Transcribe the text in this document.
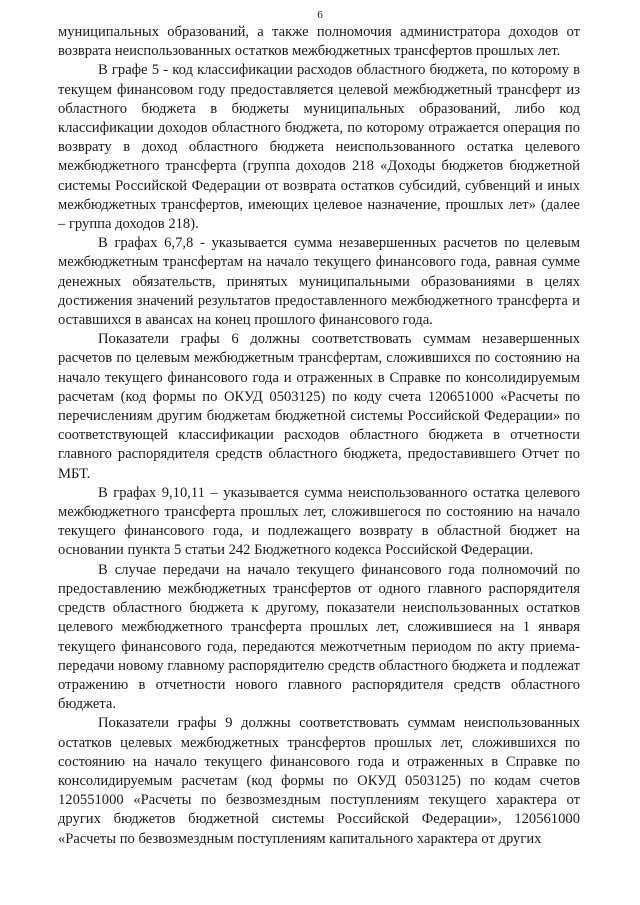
6

муниципальных образований, а также полномочия администратора доходов от возврата неиспользованных остатков межбюджетных трансфертов прошлых лет.

В графе 5 - код классификации расходов областного бюджета, по которому в текущем финансовом году предоставляется целевой межбюджетный трансферт из областного бюджета в бюджеты муниципальных образований, либо код классификации доходов областного бюджета, по которому отражается операция по возврату в доход областного бюджета неиспользованного остатка целевого межбюджетного трансферта (группа доходов 218 «Доходы бюджетов бюджетной системы Российской Федерации от возврата остатков субсидий, субвенций и иных межбюджетных трансфертов, имеющих целевое назначение, прошлых лет» (далее – группа доходов 218).

В графах 6,7,8 - указывается сумма незавершенных расчетов по целевым межбюджетным трансфертам на начало текущего финансового года, равная сумме денежных обязательств, принятых муниципальными образованиями в целях достижения значений результатов предоставленного межбюджетного трансферта и оставшихся в авансах на конец прошлого финансового года.

Показатели графы 6 должны соответствовать суммам незавершенных расчетов по целевым межбюджетным трансфертам, сложившихся по состоянию на начало текущего финансового года и отраженных в Справке по консолидируемым расчетам (код формы по ОКУД 0503125) по коду счета 120651000 «Расчеты по перечислениям другим бюджетам бюджетной системы Российской Федерации» по соответствующей классификации расходов областного бюджета в отчетности главного распорядителя средств областного бюджета, предоставившего Отчет по МБТ.

В графах 9,10,11 – указывается сумма неиспользованного остатка целевого межбюджетного трансферта прошлых лет, сложившегося по состоянию на начало текущего финансового года, и подлежащего возврату в областной бюджет на основании пункта 5 статьи 242 Бюджетного кодекса Российской Федерации.

В случае передачи на начало текущего финансового года полномочий по предоставлению межбюджетных трансфертов от одного главного распорядителя средств областного бюджета к другому, показатели неиспользованных остатков целевого межбюджетного трансферта прошлых лет, сложившиеся на 1 января текущего финансового года, передаются межотчетным периодом по акту приема-передачи новому главному распорядителю средств областного бюджета и подлежат отражению в отчетности нового главного распорядителя средств областного бюджета.

Показатели графы 9 должны соответствовать суммам неиспользованных остатков целевых межбюджетных трансфертов прошлых лет, сложившихся по состоянию на начало текущего финансового года и отраженных в Справке по консолидируемым расчетам (код формы по ОКУД 0503125) по кодам счетов 120551000 «Расчеты по безвозмездным поступлениям текущего характера от других бюджетов бюджетной системы Российской Федерации», 120561000 «Расчеты по безвозмездным поступлениям капитального характера от других
